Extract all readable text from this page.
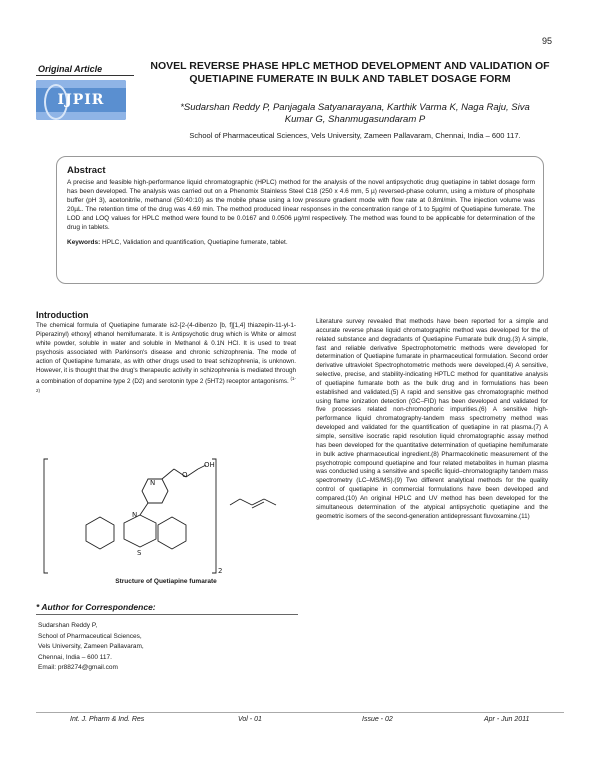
95
Original Article
IJPIR
NOVEL REVERSE PHASE HPLC METHOD DEVELOPMENT AND VALIDATION OF QUETIAPINE FUMERATE IN BULK AND TABLET DOSAGE FORM
*Sudarshan Reddy P, Panjagala Satyanarayana, Karthik Varma K, Naga Raju, Siva Kumar G, Shanmugasundaram P
School of Pharmaceutical Sciences, Vels University, Zameen Pallavaram, Chennai, India – 600 117.
Abstract
A precise and feasible high-performance liquid chromatographic (HPLC) method for the analysis of the novel antipsychotic drug quetiapine in tablet dosage form has been developed. The analysis was carried out on a Phenomix Stainless Steel C18 (250 x 4.6 mm, 5 µ) reversed-phase column, using a mixture of phosphate buffer (pH 3), acetonitrile, methanol (50:40:10) as the mobile phase using a low pressure gradient mode with flow rate at 0.8ml/min. The injection volume was 20µL. The retention time of the drug was 4.69 min. The method produced linear responses in the concentration range of 1 to 5µg/ml of Quetiapine fumerate. The LOD and LOQ values for HPLC method were found to be 0.0167 and 0.0506 µg/ml respectively. The method was found to be applicable for determination of the drug in tablets.
Keywords: HPLC, Validation and quantification, Quetiapine fumerate, tablet.
Introduction
The chemical formula of Quetiapine fumarate is2-[2-(4-dibenzo [b, f][1,4] thiazepin-11-yl-1-Piperazinyl) ethoxy] ethanol hemifumarate. It is Antipsychotic drug which is White or almost white powder, soluble in water and soluble in Methanol & 0.1N HCl. It is used to treat psychosis associated with Parkinson's disease and chronic schizophrenia. The mode of action of Quetiapine fumarate, as with other drugs used to treat schizophrenia, is unknown. However, it is thought that the drug's therapeutic activity in schizophrenia is mediated through a combination of dopamine type 2 (D2) and serotonin type 2 (5HT2) receptor antagonisms. $^{(1-2)}$
OH
N
N
S
O
2
Structure of Quetiapine fumarate
* Author for Correspondence:
Sudarshan Reddy P,
School of Pharmaceutical Sciences,
Vels University, Zameen Pallavaram,
Chennai, India – 600 117.
Email: pr88274@gmail.com
Literature survey revealed that methods have been reported for a simple and accurate reverse phase liquid chromatographic method was developed for the of related substance and degradants of Quetiapine Fumarate bulk drug.(3) A simple, fast and reliable derivative Spectrophotometric methods were developed for determination of Quetiapine fumarate in pharmaceutical formulation. Second order derivative ultraviolet Spectrophotometric methods were developed.(4) A sensitive, selective, precise, and stability-indicating HPTLC method for quantitative analysis of quetiapine fumarate both as the bulk drug and in formulations has been established and validated.(5) A rapid and sensitive gas chromatographic method using flame ionization detection (GC–FID) has been developed and validated for five processes related non-chromophoric impurities.(6) A sensitive high-performance liquid chromatography-tandem mass spectrometry method was developed and validated for the quantification of quetiapine in rat plasma.(7) A simple, sensitive isocratic rapid resolution liquid chromatographic assay method has been developed for the quantitative determination of quetiapine hemifumarate in bulk active pharmaceutical ingredient.(8) Pharmacokinetic measurement of the psychotropic compound quetiapine and four related metabolites in human plasma was conducted using a sensitive and specific liquid–chromatography tandem mass spectrometry (LC–MS/MS).(9) Two different analytical methods for the quality control of quetiapine in commercial formulations have been developed and compared.(10) An original HPLC and UV method has been developed for the simultaneous determination of the atypical antipsychotic quetiapine and the geometric isomers of the second-generation antidepressant fluvoxamine.(11)
Int. J. Pharm & Ind. Res	Vol - 01	Issue - 02	Apr - Jun 2011
